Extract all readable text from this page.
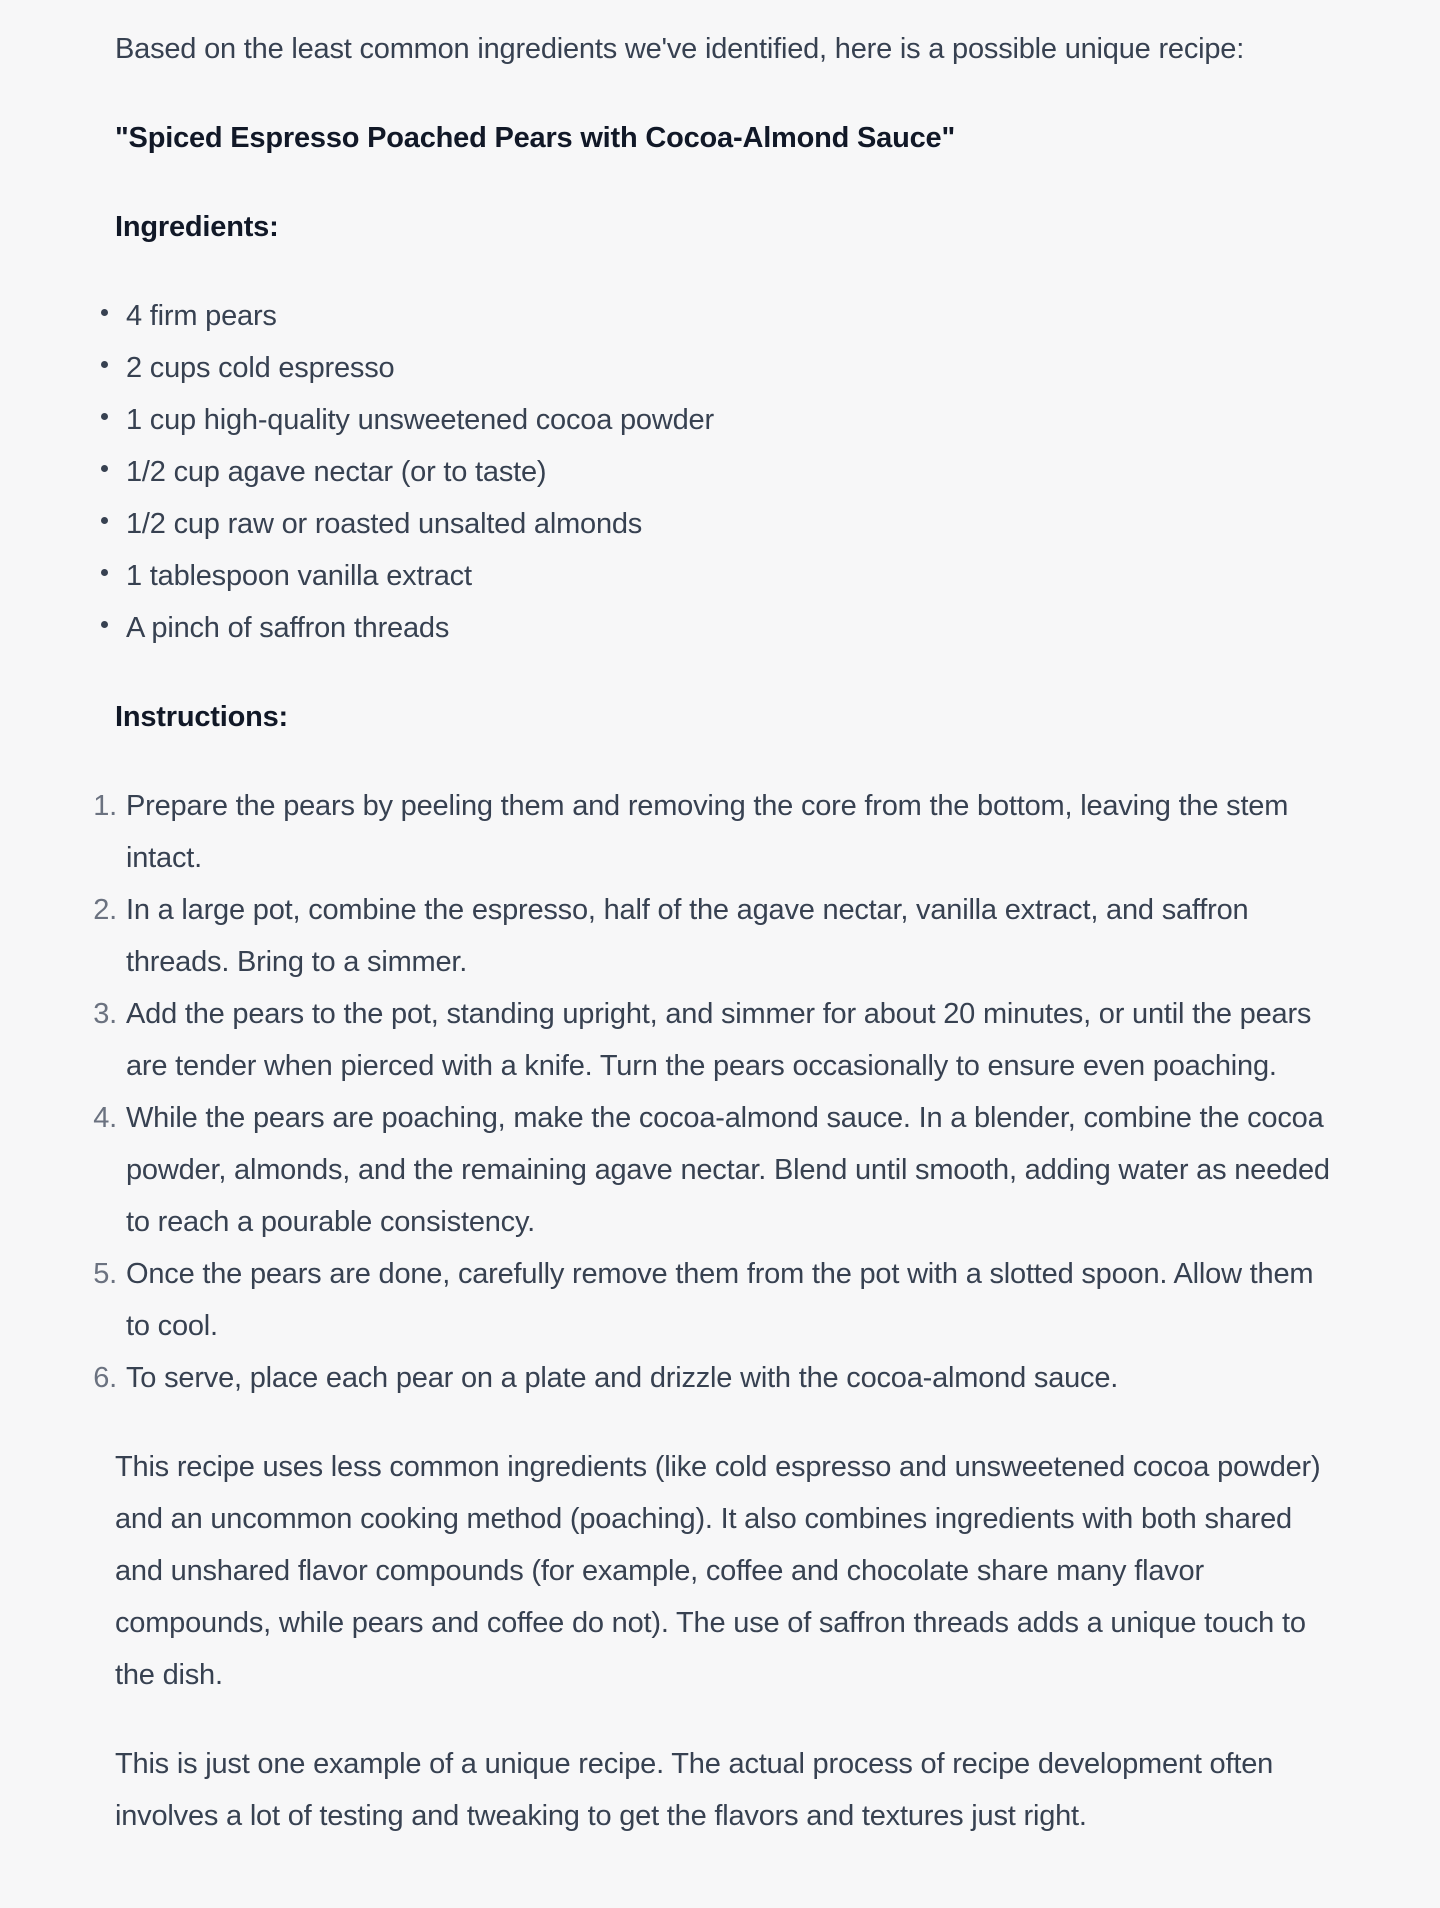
Based on the least common ingredients we've identified, here is a possible unique recipe:

"Spiced Espresso Poached Pears with Cocoa-Almond Sauce"

Ingredients:

4 firm pears
2 cups cold espresso
1 cup high-quality unsweetened cocoa powder
1/2 cup agave nectar (or to taste)
1/2 cup raw or roasted unsalted almonds
1 tablespoon vanilla extract
A pinch of saffron threads

Instructions:

1. Prepare the pears by peeling them and removing the core from the bottom, leaving the stem intact.
2. In a large pot, combine the espresso, half of the agave nectar, vanilla extract, and saffron threads. Bring to a simmer.
3. Add the pears to the pot, standing upright, and simmer for about 20 minutes, or until the pears are tender when pierced with a knife. Turn the pears occasionally to ensure even poaching.
4. While the pears are poaching, make the cocoa-almond sauce. In a blender, combine the cocoa powder, almonds, and the remaining agave nectar. Blend until smooth, adding water as needed to reach a pourable consistency.
5. Once the pears are done, carefully remove them from the pot with a slotted spoon. Allow them to cool.
6. To serve, place each pear on a plate and drizzle with the cocoa-almond sauce.

This recipe uses less common ingredients (like cold espresso and unsweetened cocoa powder) and an uncommon cooking method (poaching). It also combines ingredients with both shared and unshared flavor compounds (for example, coffee and chocolate share many flavor compounds, while pears and coffee do not). The use of saffron threads adds a unique touch to the dish.

This is just one example of a unique recipe. The actual process of recipe development often involves a lot of testing and tweaking to get the flavors and textures just right.
